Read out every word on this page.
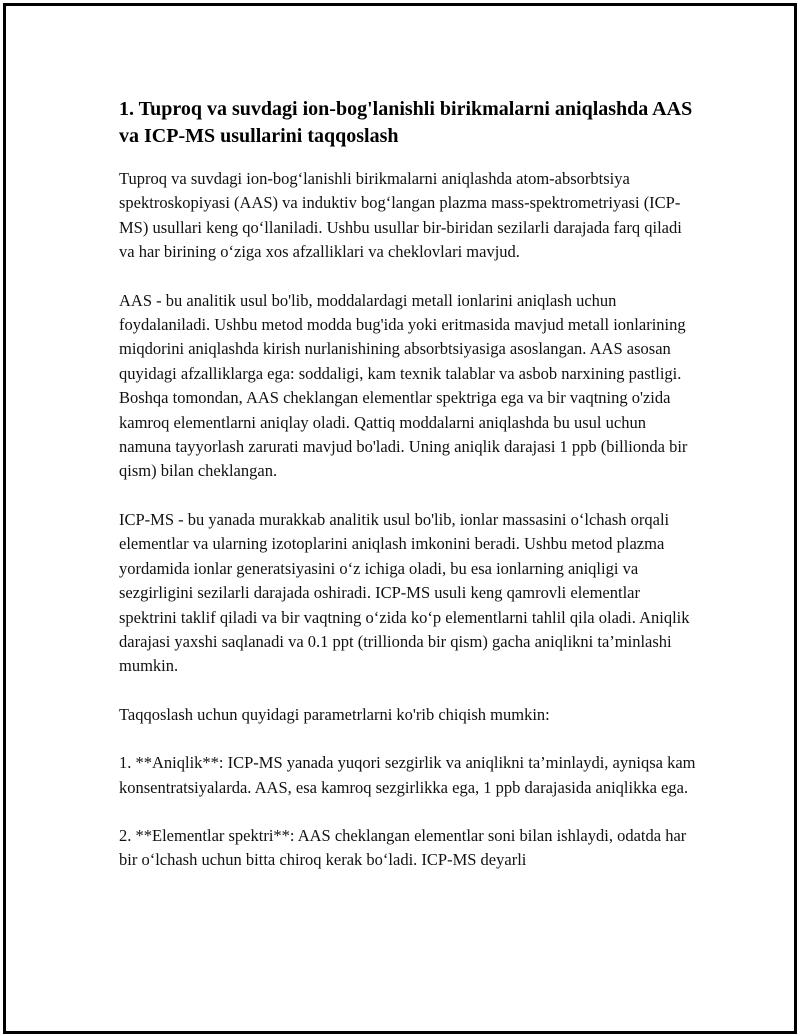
1. Tuproq va suvdagi ion-bog'lanishli birikmalarni aniqlashda AAS va ICP-MS usullarini taqqoslash

Tuproq va suvdagi ion-bog‘lanishli birikmalarni aniqlashda atom-absorbtsiya spektroskopiyasi (AAS) va induktiv bog‘langan plazma mass-spektrometriyasi (ICP-MS) usullari keng qo‘llaniladi. Ushbu usullar bir-biridan sezilarli darajada farq qiladi va har birining o‘ziga xos afzalliklari va cheklovlari mavjud.

AAS - bu analitik usul bo'lib, moddalardagi metall ionlarini aniqlash uchun foydalaniladi. Ushbu metod modda bug'ida yoki eritmasida mavjud metall ionlarining miqdorini aniqlashda kirish nurlanishining absorbtsiyasiga asoslangan. AAS asosan quyidagi afzalliklarga ega: soddaligi, kam texnik talablar va asbob narxining pastligi. Boshqa tomondan, AAS cheklangan elementlar spektriga ega va bir vaqtning o'zida kamroq elementlarni aniqlay oladi. Qattiq moddalarni aniqlashda bu usul uchun namuna tayyorlash zarurati mavjud bo'ladi. Uning aniqlik darajasi 1 ppb (billionda bir qism) bilan cheklangan.

ICP-MS - bu yanada murakkab analitik usul bo'lib, ionlar massasini o‘lchash orqali elementlar va ularning izotoplarini aniqlash imkonini beradi. Ushbu metod plazma yordamida ionlar generatsiyasini o‘z ichiga oladi, bu esa ionlarning aniqligi va sezgirligini sezilarli darajada oshiradi. ICP-MS usuli keng qamrovli elementlar spektrini taklif qiladi va bir vaqtning o‘zida ko‘p elementlarni tahlil qila oladi. Aniqlik darajasi yaxshi saqlanadi va 0.1 ppt (trillionda bir qism) gacha aniqlikni ta’minlashi mumkin.

Taqqoslash uchun quyidagi parametrlarni ko'rib chiqish mumkin:

1. **Aniqlik**: ICP-MS yanada yuqori sezgirlik va aniqlikni ta’minlaydi, ayniqsa kam konsentratsiyalarda. AAS, esa kamroq sezgirlikka ega, 1 ppb darajasida aniqlikka ega.

2. **Elementlar spektri**: AAS cheklangan elementlar soni bilan ishlaydi, odatda har bir o‘lchash uchun bitta chiroq kerak bo‘ladi. ICP-MS deyarli
